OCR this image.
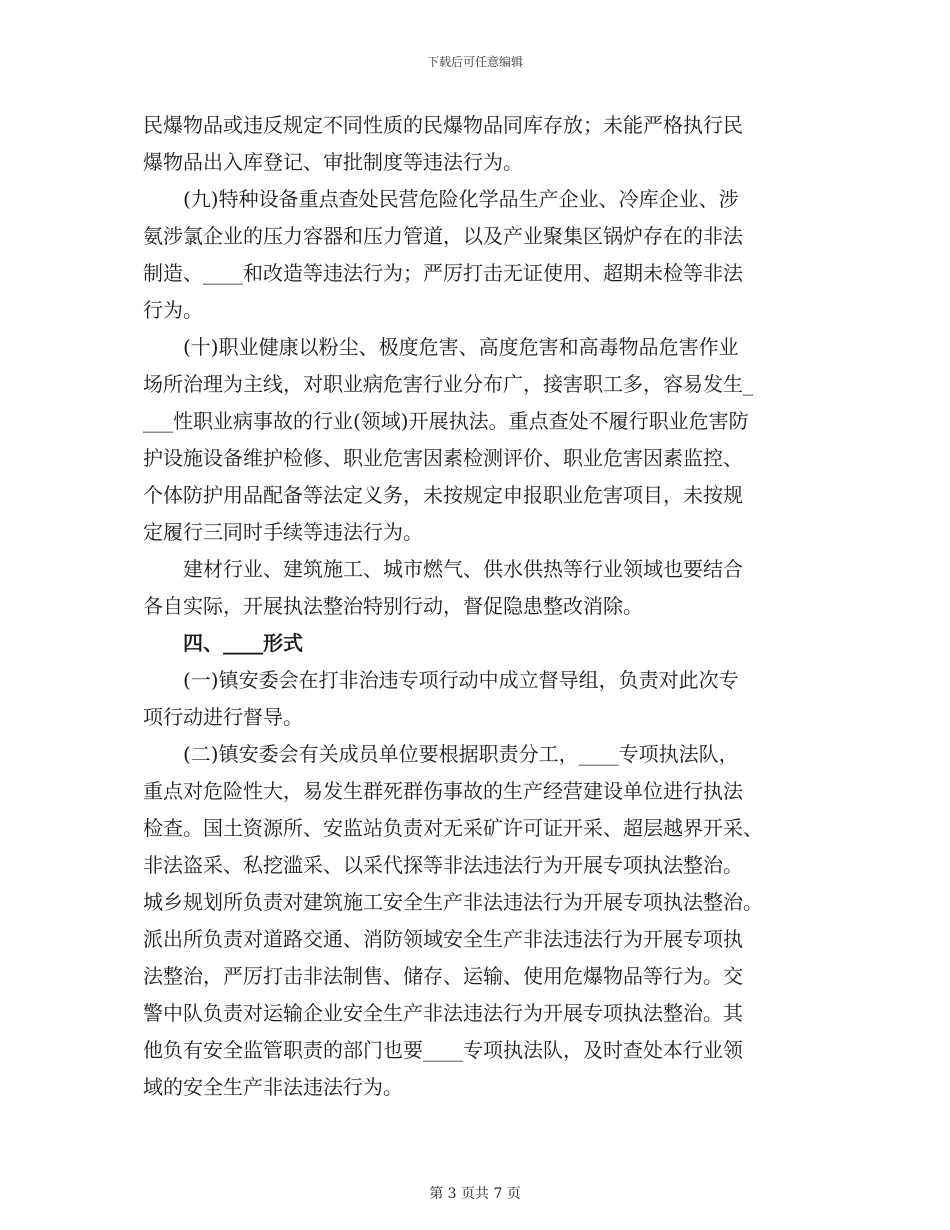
下载后可任意编辑
民爆物品或违反规定不同性质的民爆物品同库存放；未能严格执行民
爆物品出入库登记、审批制度等违法行为。
(九)特种设备重点查处民营危险化学品生产企业、冷库企业、涉
氨涉氯企业的压力容器和压力管道，以及产业聚集区锅炉存在的非法
制造、____和改造等违法行为；严厉打击无证使用、超期未检等非法
行为。
(十)职业健康以粉尘、极度危害、高度危害和高毒物品危害作业
场所治理为主线，对职业病危害行业分布广，接害职工多，容易发生_
___性职业病事故的行业(领域)开展执法。重点查处不履行职业危害防
护设施设备维护检修、职业危害因素检测评价、职业危害因素监控、
个体防护用品配备等法定义务，未按规定申报职业危害项目，未按规
定履行三同时手续等违法行为。
建材行业、建筑施工、城市燃气、供水供热等行业领域也要结合
各自实际，开展执法整治特别行动，督促隐患整改消除。
四、____形式
(一)镇安委会在打非治违专项行动中成立督导组，负责对此次专
项行动进行督导。
(二)镇安委会有关成员单位要根据职责分工，____专项执法队，
重点对危险性大，易发生群死群伤事故的生产经营建设单位进行执法
检查。国土资源所、安监站负责对无采矿许可证开采、超层越界开采、
非法盗采、私挖滥采、以采代探等非法违法行为开展专项执法整治。
城乡规划所负责对建筑施工安全生产非法违法行为开展专项执法整治。
派出所负责对道路交通、消防领域安全生产非法违法行为开展专项执
法整治，严厉打击非法制售、储存、运输、使用危爆物品等行为。交
警中队负责对运输企业安全生产非法违法行为开展专项执法整治。其
他负有安全监管职责的部门也要____专项执法队，及时查处本行业领
域的安全生产非法违法行为。
第 3 页共 7 页
